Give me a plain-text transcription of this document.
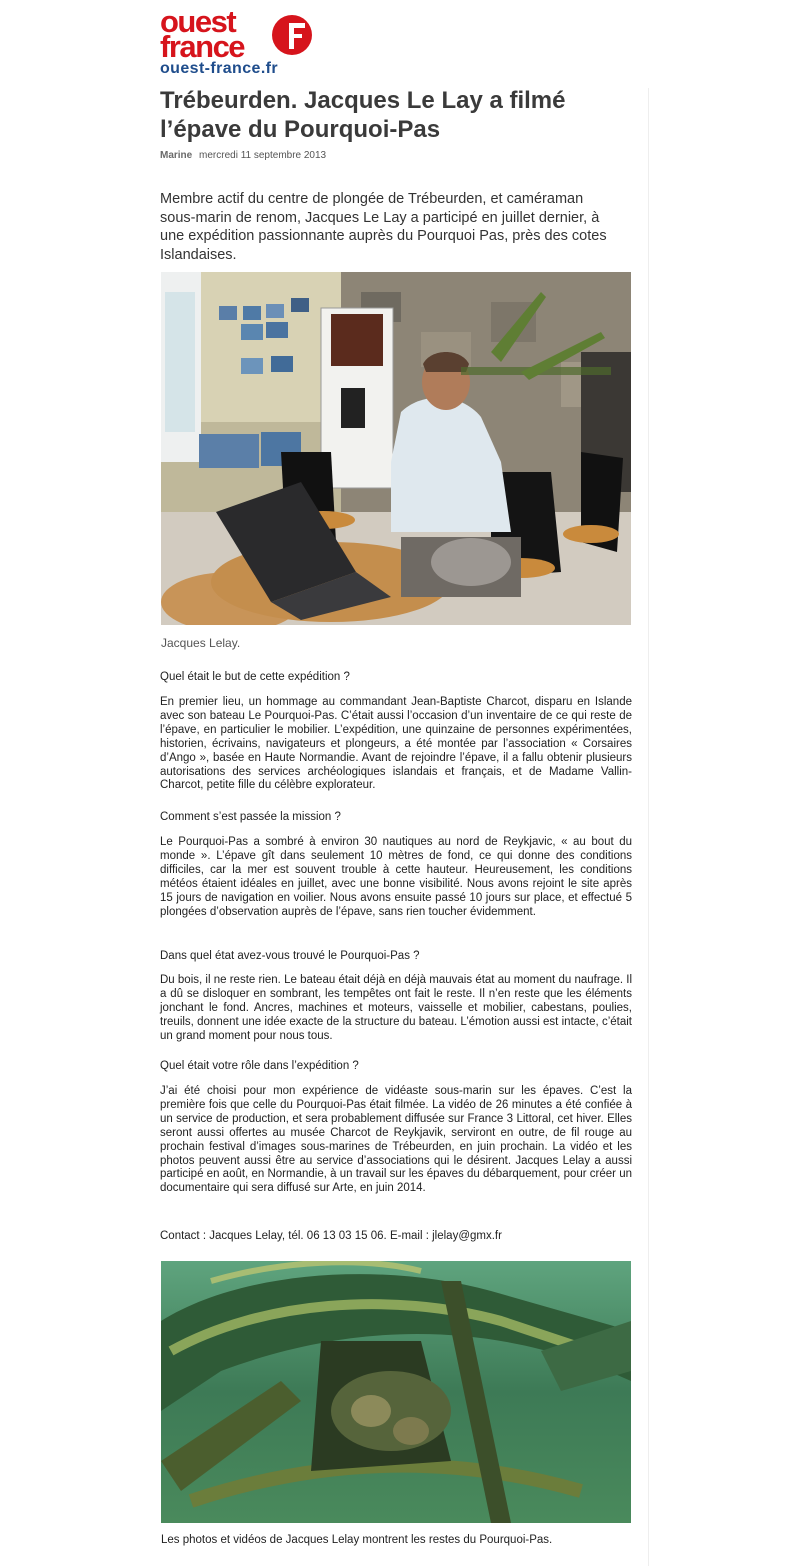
ouest
france
ouest-france.fr
Trébeurden. Jacques Le Lay a filmé l’épave du Pourquoi-Pas
Marine mercredi 11 septembre 2013

Membre actif du centre de plongée de Trébeurden, et caméraman sous-marin de renom, Jacques Le Lay a participé en juillet dernier, à une expédition passionnante auprès du Pourquoi Pas, près des cotes Islandaises.

Jacques Lelay.

Quel était le but de cette expédition ?

En premier lieu, un hommage au commandant Jean-Baptiste Charcot, disparu en Islande avec son bateau Le Pourquoi-Pas. C’était aussi l’occasion d’un inventaire de ce qui reste de l’épave, en particulier le mobilier. L’expédition, une quinzaine de personnes expérimentées, historien, écrivains, navigateurs et plongeurs, a été montée par l’association « Corsaires d’Ango », basée en Haute Normandie. Avant de rejoindre l’épave, il a fallu obtenir plusieurs autorisations des services archéologiques islandais et français, et de Madame Vallin-Charcot, petite fille du célèbre explorateur.

Comment s’est passée la mission ?

Le Pourquoi-Pas a sombré à environ 30 nautiques au nord de Reykjavic, « au bout du monde ». L’épave gît dans seulement 10 mètres de fond, ce qui donne des conditions difficiles, car la mer est souvent trouble à cette hauteur. Heureusement, les conditions météos étaient idéales en juillet, avec une bonne visibilité. Nous avons rejoint le site après 15 jours de navigation en voilier. Nous avons ensuite passé 10 jours sur place, et effectué 5 plongées d’observation auprès de l’épave, sans rien toucher évidemment.

Dans quel état avez-vous trouvé le Pourquoi-Pas ?

Du bois, il ne reste rien. Le bateau était déjà en déjà mauvais état au moment du naufrage. Il a dû se disloquer en sombrant, les tempêtes ont fait le reste. Il n’en reste que les éléments jonchant le fond. Ancres, machines et moteurs, vaisselle et mobilier, cabestans, poulies, treuils, donnent une idée exacte de la structure du bateau. L’émotion aussi est intacte, c’était un grand moment pour nous tous.

Quel était votre rôle dans l’expédition ?

J’ai été choisi pour mon expérience de vidéaste sous-marin sur les épaves. C’est la première fois que celle du Pourquoi-Pas était filmée. La vidéo de 26 minutes a été confiée à un service de production, et sera probablement diffusée sur France 3 Littoral, cet hiver. Elles seront aussi offertes au musée Charcot de Reykjavik, serviront en outre, de fil rouge au prochain festival d’images sous-marines de Trébeurden, en juin prochain. La vidéo et les photos peuvent aussi être au service d’associations qui le désirent. Jacques Lelay a aussi participé en août, en Normandie, à un travail sur les épaves du débarquement, pour créer un documentaire qui sera diffusé sur Arte, en juin 2014.

Contact : Jacques Lelay, tél. 06 13 03 15 06. E-mail : jlelay@gmx.fr

Les photos et vidéos de Jacques Lelay montrent les restes du Pourquoi-Pas.
